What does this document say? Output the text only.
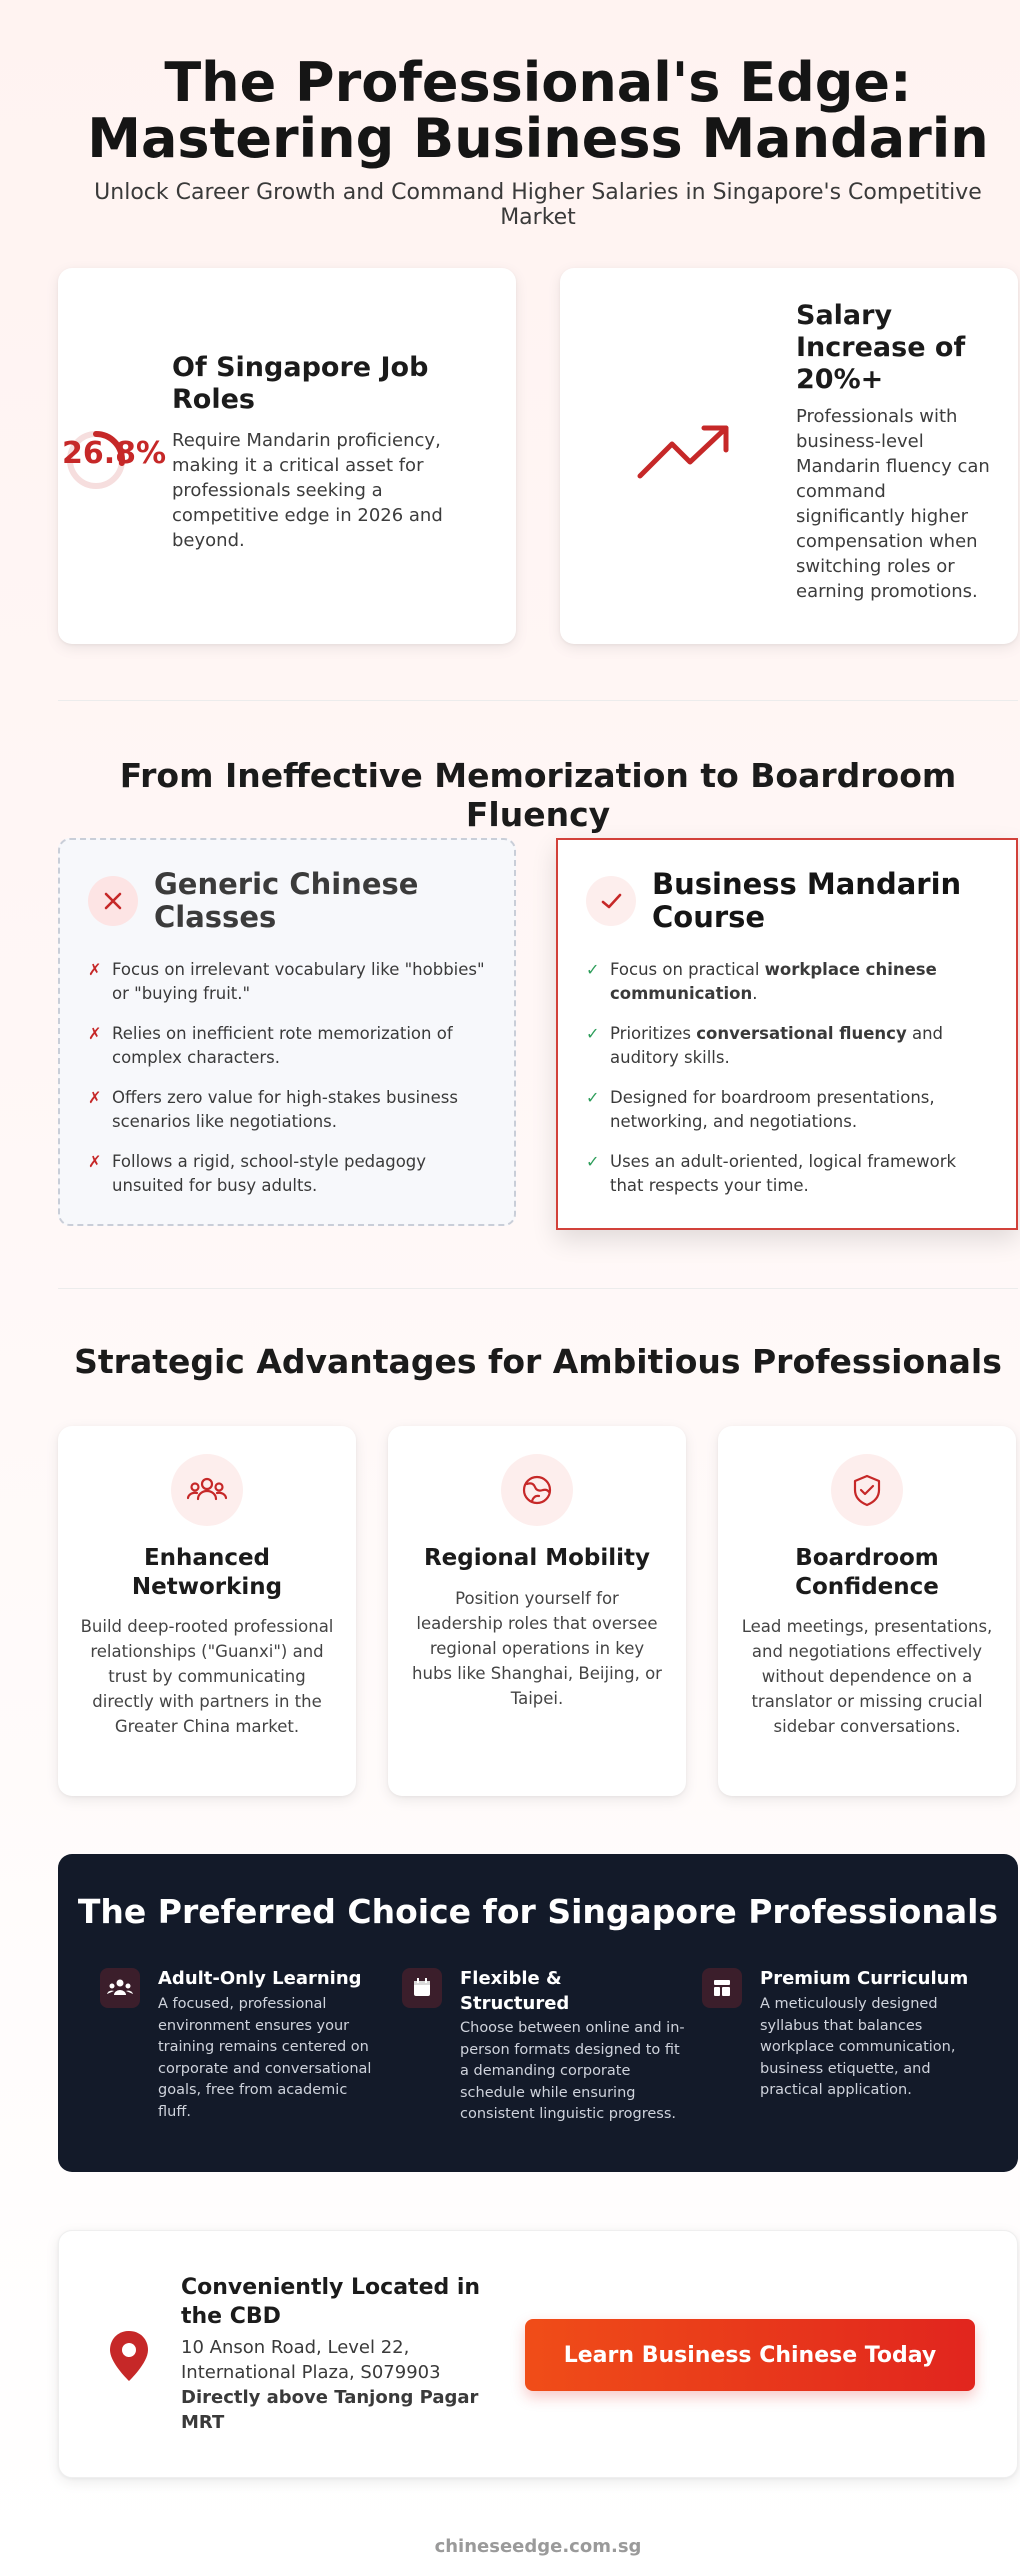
The Professional's Edge:
Mastering Business Mandarin
Unlock Career Growth and Command Higher Salaries in Singapore's Competitive Market
26.8%
Of Singapore Job Roles
Require Mandarin proficiency, making it a critical asset for professionals seeking a competitive edge in 2026 and beyond.
Salary Increase of 20%+
Professionals with business-level Mandarin fluency can command significantly higher compensation when switching roles or earning promotions.
From Ineffective Memorization to Boardroom Fluency
Generic Chinese Classes
✗ Focus on irrelevant vocabulary like "hobbies" or "buying fruit."
✗ Relies on inefficient rote memorization of complex characters.
✗ Offers zero value for high-stakes business scenarios like negotiations.
✗ Follows a rigid, school-style pedagogy unsuited for busy adults.
Business Mandarin Course
✓ Focus on practical workplace chinese communication.
✓ Prioritizes conversational fluency and auditory skills.
✓ Designed for boardroom presentations, networking, and negotiations.
✓ Uses an adult-oriented, logical framework that respects your time.
Strategic Advantages for Ambitious Professionals
Enhanced Networking
Build deep-rooted professional relationships ("Guanxi") and trust by communicating directly with partners in the Greater China market.
Regional Mobility
Position yourself for leadership roles that oversee regional operations in key hubs like Shanghai, Beijing, or Taipei.
Boardroom Confidence
Lead meetings, presentations, and negotiations effectively without dependence on a translator or missing crucial sidebar conversations.
The Preferred Choice for Singapore Professionals
Adult-Only Learning
A focused, professional environment ensures your training remains centered on corporate and conversational goals, free from academic fluff.
Flexible & Structured
Choose between online and in-person formats designed to fit a demanding corporate schedule while ensuring consistent linguistic progress.
Premium Curriculum
A meticulously designed syllabus that balances workplace communication, business etiquette, and practical application.
Conveniently Located in the CBD
10 Anson Road, Level 22,
International Plaza, S079903
Directly above Tanjong Pagar MRT
Learn Business Chinese Today
chineseedge.com.sg
